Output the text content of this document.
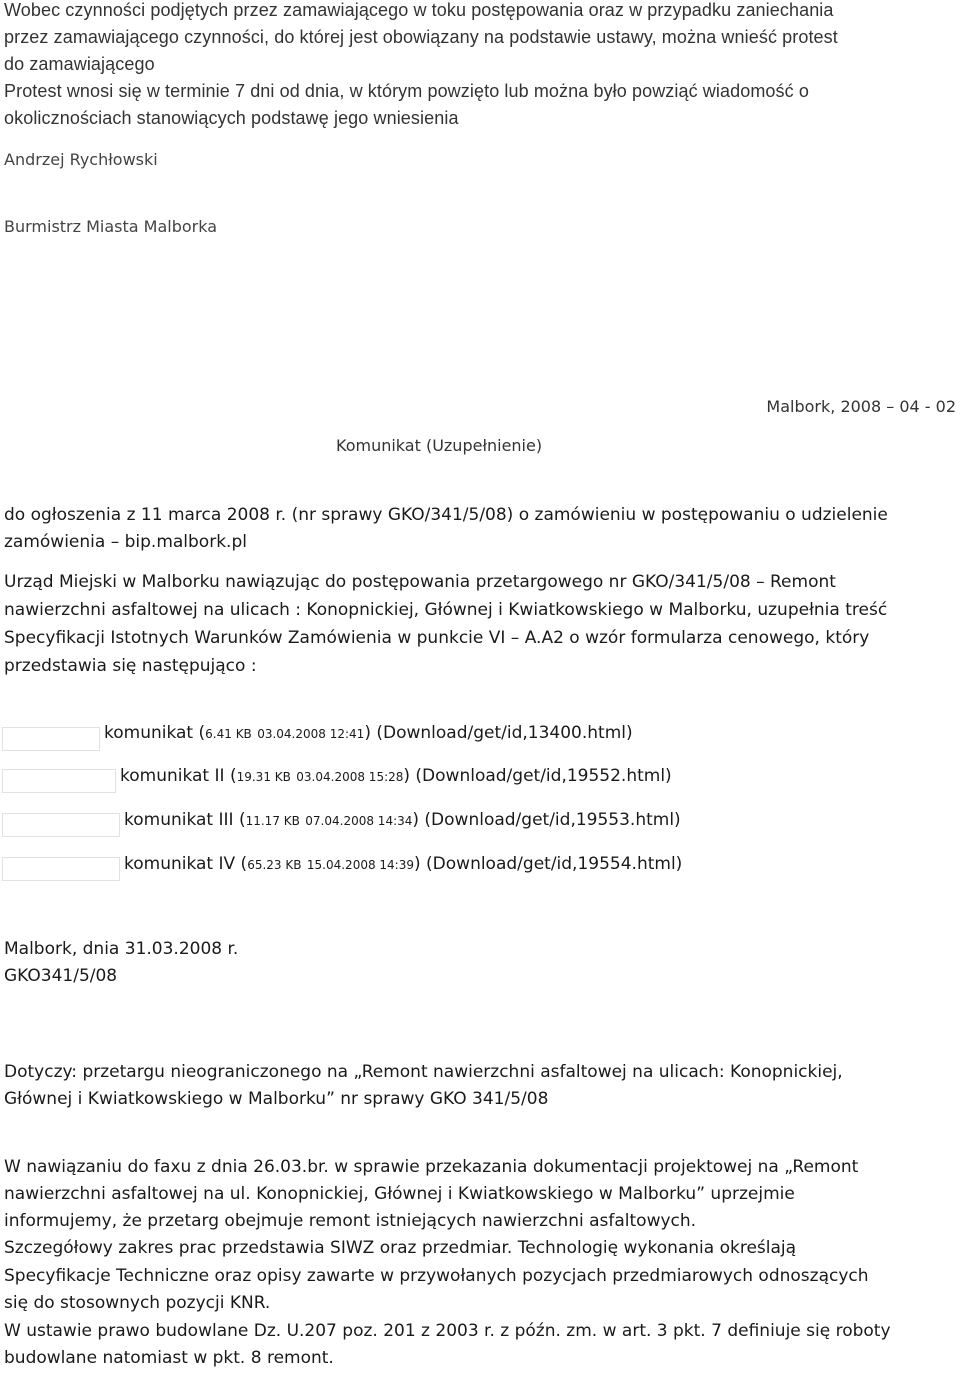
Wobec czynności podjętych przez zamawiającego w toku postępowania oraz w przypadku zaniechania
przez zamawiającego czynności, do której jest obowiązany na podstawie ustawy, można wnieść protest
do zamawiającego
Protest wnosi się w terminie 7 dni od dnia, w którym powzięto lub można było powziąć wiadomość o
okolicznościach stanowiących podstawę jego wniesienia
Andrzej Rychłowski
Burmistrz Miasta Malborka
Malbork, 2008 – 04 - 02
Komunikat (Uzupełnienie)
do ogłoszenia z 11 marca 2008 r. (nr sprawy GKO/341/5/08) o zamówieniu w postępowaniu o udzielenie
zamówienia – bip.malbork.pl
Urząd Miejski w Malborku nawiązując do postępowania przetargowego nr GKO/341/5/08 – Remont
nawierzchni asfaltowej na ulicach : Konopnickiej, Głównej i Kwiatkowskiego w Malborku, uzupełnia treść
Specyfikacji Istotnych Warunków Zamówienia w punkcie VI – A.A2 o wzór formularza cenowego, który
przedstawia się następująco :
komunikat (6.41 KB 03.04.2008 12:41) (Download/get/id,13400.html)
komunikat II (19.31 KB 03.04.2008 15:28) (Download/get/id,19552.html)
komunikat III (11.17 KB 07.04.2008 14:34) (Download/get/id,19553.html)
komunikat IV (65.23 KB 15.04.2008 14:39) (Download/get/id,19554.html)
Malbork, dnia 31.03.2008 r.
GKO341/5/08
Dotyczy: przetargu nieograniczonego na „Remont nawierzchni asfaltowej na ulicach: Konopnickiej,
Głównej i Kwiatkowskiego w Malborku” nr sprawy GKO 341/5/08
W nawiązaniu do faxu z dnia 26.03.br. w sprawie przekazania dokumentacji projektowej na „Remont
nawierzchni asfaltowej na ul. Konopnickiej, Głównej i Kwiatkowskiego w Malborku” uprzejmie
informujemy, że przetarg obejmuje remont istniejących nawierzchni asfaltowych.
Szczegółowy zakres prac przedstawia SIWZ oraz przedmiar. Technologię wykonania określają
Specyfikacje Techniczne oraz opisy zawarte w przywołanych pozycjach przedmiarowych odnoszących
się do stosownych pozycji KNR.
W ustawie prawo budowlane Dz. U.207 poz. 201 z 2003 r. z późn. zm. w art. 3 pkt. 7 definiuje się roboty
budowlane natomiast w pkt. 8 remont.
